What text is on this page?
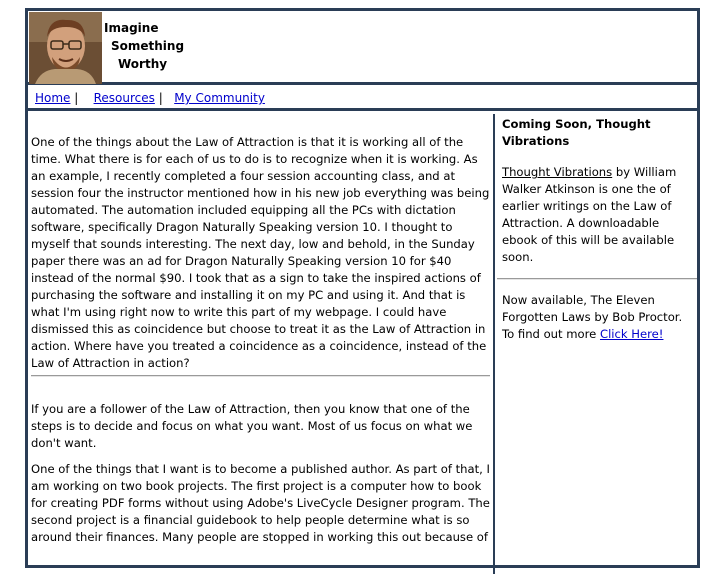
Imagine
Something
Worthy
Home | Resources | My Community

One of the things about the Law of Attraction is that it is working all of the time. What there is for each of us to do is to recognize when it is working. As an example, I recently completed a four session accounting class, and at session four the instructor mentioned how in his new job everything was being automated. The automation included equipping all the PCs with dictation software, specifically Dragon Naturally Speaking version 10. I thought to myself that sounds interesting. The next day, low and behold, in the Sunday paper there was an ad for Dragon Naturally Speaking version 10 for $40 instead of the normal $90. I took that as a sign to take the inspired actions of purchasing the software and installing it on my PC and using it. And that is what I'm using right now to write this part of my webpage. I could have dismissed this as coincidence but choose to treat it as the Law of Attraction in action. Where have you treated a coincidence as a coincidence, instead of the Law of Attraction in action?

If you are a follower of the Law of Attraction, then you know that one of the steps is to decide and focus on what you want. Most of us focus on what we don't want.

One of the things that I want is to become a published author. As part of that, I am working on two book projects. The first project is a computer how to book for creating PDF forms without using Adobe's LiveCycle Designer program. The second project is a financial guidebook to help people determine what is so around their finances. Many people are stopped in working this out because of

Coming Soon, Thought Vibrations

Thought Vibrations by William Walker Atkinson is one the of earlier writings on the Law of Attraction. A downloadable ebook of this will be available soon.

Now available, The Eleven Forgotten Laws by Bob Proctor. To find out more Click Here!
